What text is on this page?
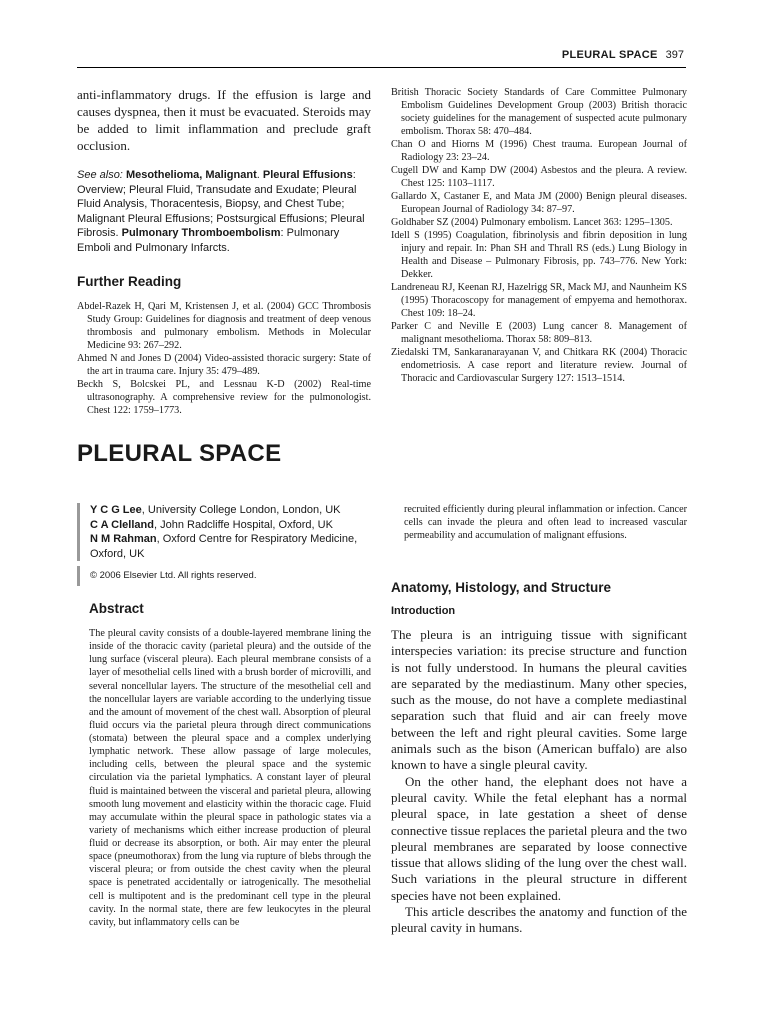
PLEURAL SPACE 397

anti-inflammatory drugs. If the effusion is large and causes dyspnea, then it must be evacuated. Steroids may be added to limit inflammation and preclude graft occlusion.

See also: Mesothelioma, Malignant. Pleural Effusions: Overview; Pleural Fluid, Transudate and Exudate; Pleural Fluid Analysis, Thoracentesis, Biopsy, and Chest Tube; Malignant Pleural Effusions; Postsurgical Effusions; Pleural Fibrosis. Pulmonary Thromboembolism: Pulmonary Emboli and Pulmonary Infarcts.

Further Reading
Abdel-Razek H, Qari M, Kristensen J, et al. (2004) GCC Thrombosis Study Group: Guidelines for diagnosis and treatment of deep venous thrombosis and pulmonary embolism. Methods in Molecular Medicine 93: 267–292.
Ahmed N and Jones D (2004) Video-assisted thoracic surgery: State of the art in trauma care. Injury 35: 479–489.
Beckh S, Bolcskei PL, and Lessnau K-D (2002) Real-time ultrasonography. A comprehensive review for the pulmonologist. Chest 122: 1759–1773.
British Thoracic Society Standards of Care Committee Pulmonary Embolism Guidelines Development Group (2003) British thoracic society guidelines for the management of suspected acute pulmonary embolism. Thorax 58: 470–484.
Chan O and Hiorns M (1996) Chest trauma. European Journal of Radiology 23: 23–24.
Cugell DW and Kamp DW (2004) Asbestos and the pleura. A review. Chest 125: 1103–1117.
Gallardo X, Castaner E, and Mata JM (2000) Benign pleural diseases. European Journal of Radiology 34: 87–97.
Goldhaber SZ (2004) Pulmonary embolism. Lancet 363: 1295–1305.
Idell S (1995) Coagulation, fibrinolysis and fibrin deposition in lung injury and repair. In: Phan SH and Thrall RS (eds.) Lung Biology in Health and Disease – Pulmonary Fibrosis, pp. 743–776. New York: Dekker.
Landreneau RJ, Keenan RJ, Hazelrigg SR, Mack MJ, and Naunheim KS (1995) Thoracoscopy for management of empyema and hemothorax. Chest 109: 18–24.
Parker C and Neville E (2003) Lung cancer 8. Management of malignant mesothelioma. Thorax 58: 809–813.
Ziedalski TM, Sankaranarayanan V, and Chitkara RK (2004) Thoracic endometriosis. A case report and literature review. Journal of Thoracic and Cardiovascular Surgery 127: 1513–1514.
PLEURAL SPACE
Y C G Lee, University College London, London, UK
C A Clelland, John Radcliffe Hospital, Oxford, UK
N M Rahman, Oxford Centre for Respiratory Medicine, Oxford, UK
© 2006 Elsevier Ltd. All rights reserved.
Abstract

The pleural cavity consists of a double-layered membrane lining the inside of the thoracic cavity (parietal pleura) and the outside of the lung surface (visceral pleura). Each pleural membrane consists of a layer of mesothelial cells lined with a brush border of microvilli, and several noncellular layers. The structure of the mesothelial cell and the noncellular layers are variable according to the underlying tissue and the amount of movement of the chest wall. Absorption of pleural fluid occurs via the parietal pleura through direct communications (stomata) between the pleural space and a complex underlying lymphatic network. These allow passage of large molecules, including cells, between the pleural space and the systemic circulation via the parietal lymphatics. A constant layer of pleural fluid is maintained between the visceral and parietal pleura, allowing smooth lung movement and elasticity within the thoracic cage. Fluid may accumulate within the pleural space in pathologic states via a variety of mechanisms which either increase production of pleural fluid or decrease its absorption, or both. Air may enter the pleural space (pneumothorax) from the lung via rupture of blebs through the visceral pleura; or from outside the chest cavity when the pleural space is penetrated accidentally or iatrogenically. The mesothelial cell is multipotent and is the predominant cell type in the pleural cavity. In the normal state, there are few leukocytes in the pleural cavity, but inflammatory cells can be

recruited efficiently during pleural inflammation or infection. Cancer cells can invade the pleura and often lead to increased vascular permeability and accumulation of malignant effusions.

Anatomy, Histology, and Structure
Introduction

The pleura is an intriguing tissue with significant interspecies variation: its precise structure and function is not fully understood. In humans the pleural cavities are separated by the mediastinum. Many other species, such as the mouse, do not have a complete mediastinal separation such that fluid and air can freely move between the left and right pleural cavities. Some large animals such as the bison (American buffalo) are also known to have a single pleural cavity.

On the other hand, the elephant does not have a pleural cavity. While the fetal elephant has a normal pleural space, in late gestation a sheet of dense connective tissue replaces the parietal pleura and the two pleural membranes are separated by loose connective tissue that allows sliding of the lung over the chest wall. Such variations in the pleural structure in different species have not been explained.

This article describes the anatomy and function of the pleural cavity in humans.
